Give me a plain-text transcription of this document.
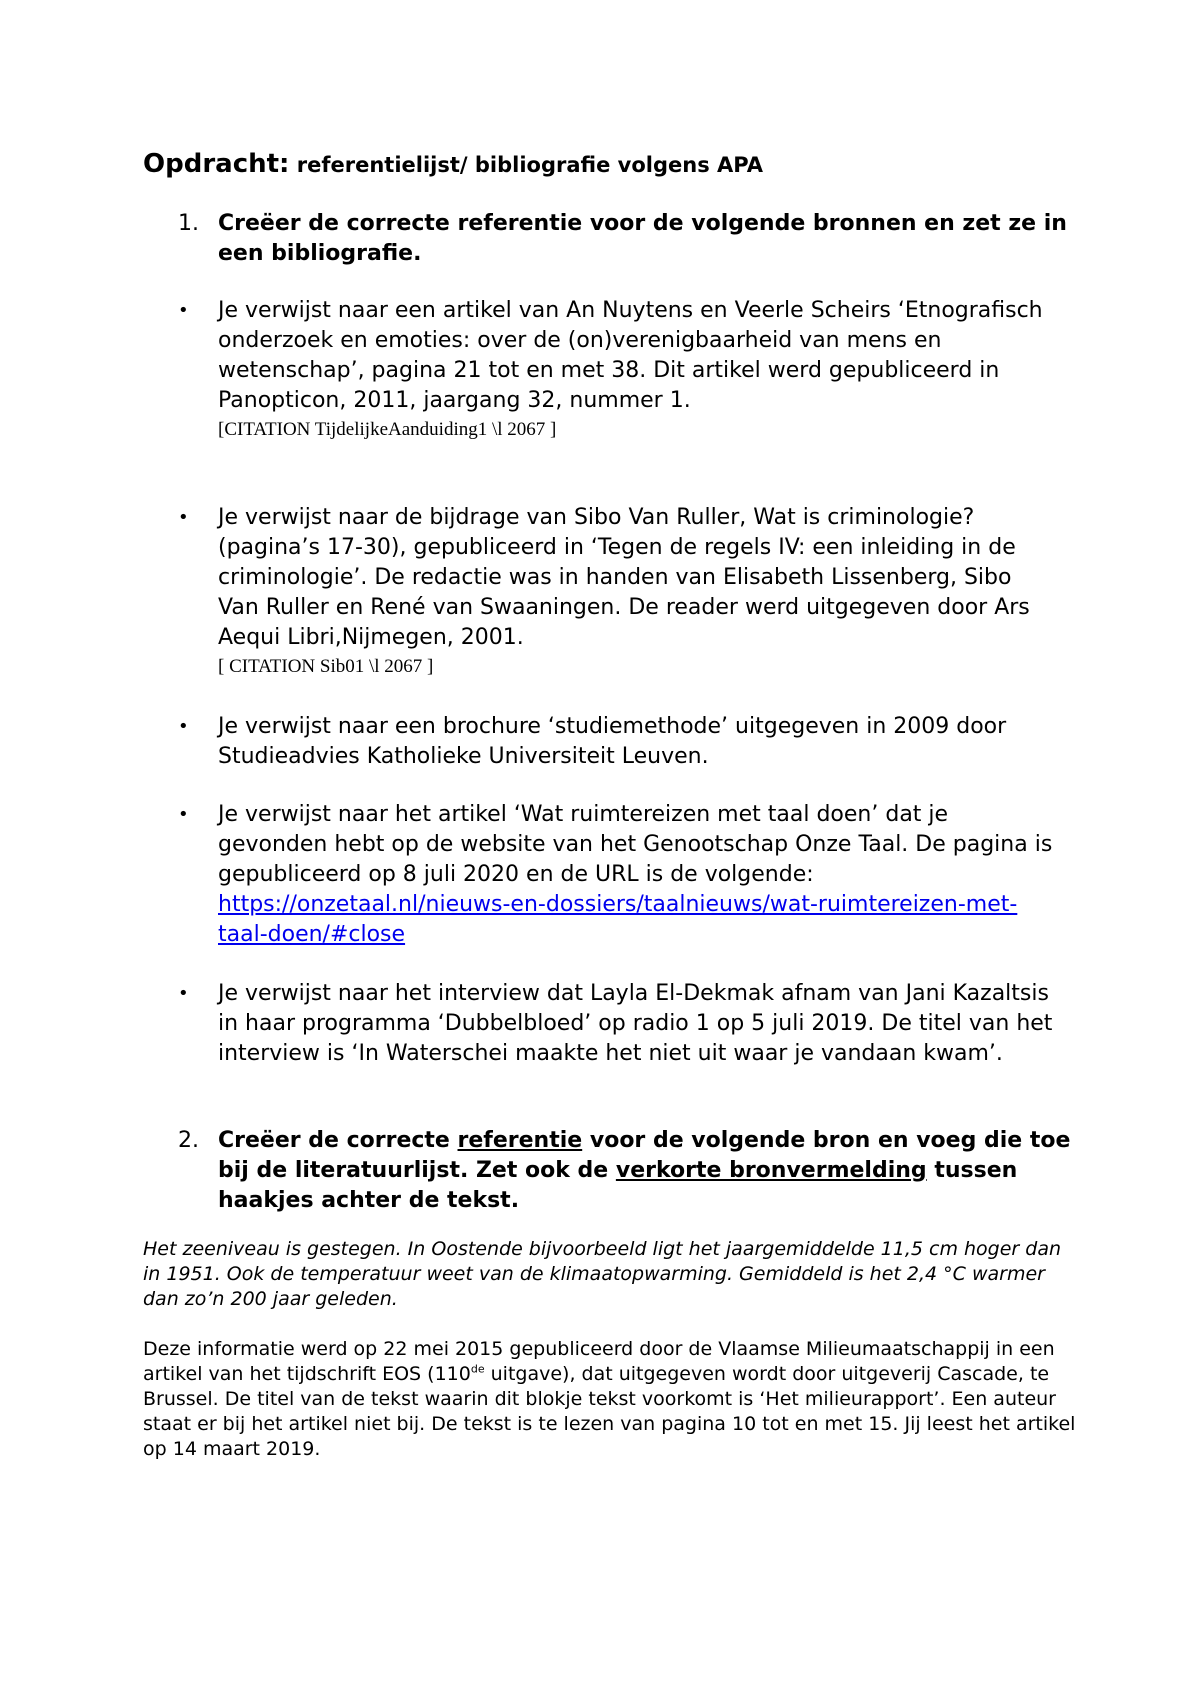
Opdracht: referentielijst/ bibliografie volgens APA
1. Creëer de correcte referentie voor de volgende bronnen en zet ze in een bibliografie.
• Je verwijst naar een artikel van An Nuytens en Veerle Scheirs ‘Etnografisch onderzoek en emoties: over de (on)verenigbaarheid van mens en wetenschap’, pagina 21 tot en met 38. Dit artikel werd gepubliceerd in Panopticon, 2011, jaargang 32, nummer 1.
[CITATION TijdelijkeAanduiding1 \l 2067 ]
• Je verwijst naar de bijdrage van Sibo Van Ruller, Wat is criminologie? (pagina’s 17-30), gepubliceerd in ‘Tegen de regels IV: een inleiding in de criminologie’. De redactie was in handen van Elisabeth Lissenberg, Sibo Van Ruller en René van Swaaningen. De reader werd uitgegeven door Ars Aequi Libri,Nijmegen, 2001.
[ CITATION Sib01 \l 2067 ]
• Je verwijst naar een brochure ‘studiemethode’ uitgegeven in 2009 door Studieadvies Katholieke Universiteit Leuven.
• Je verwijst naar het artikel ‘Wat ruimtereizen met taal doen’ dat je gevonden hebt op de website van het Genootschap Onze Taal. De pagina is gepubliceerd op 8 juli 2020 en de URL is de volgende: https://onzetaal.nl/nieuws-en-dossiers/taalnieuws/wat-ruimtereizen-met-taal-doen/#close
• Je verwijst naar het interview dat Layla El-Dekmak afnam van Jani Kazaltsis in haar programma ‘Dubbelbloed’ op radio 1 op 5 juli 2019. De titel van het interview is ‘In Waterschei maakte het niet uit waar je vandaan kwam’.
2. Creëer de correcte referentie voor de volgende bron en voeg die toe bij de literatuurlijst. Zet ook de verkorte bronvermelding tussen haakjes achter de tekst.
Het zeeniveau is gestegen. In Oostende bijvoorbeeld ligt het jaargemiddelde 11,5 cm hoger dan in 1951. Ook de temperatuur weet van de klimaatopwarming. Gemiddeld is het 2,4 °C warmer dan zo’n 200 jaar geleden.
Deze informatie werd op 22 mei 2015 gepubliceerd door de Vlaamse Milieumaatschappij in een artikel van het tijdschrift EOS (110de uitgave), dat uitgegeven wordt door uitgeverij Cascade, te Brussel. De titel van de tekst waarin dit blokje tekst voorkomt is ‘Het milieurapport’. Een auteur staat er bij het artikel niet bij. De tekst is te lezen van pagina 10 tot en met 15. Jij leest het artikel op 14 maart 2019.
